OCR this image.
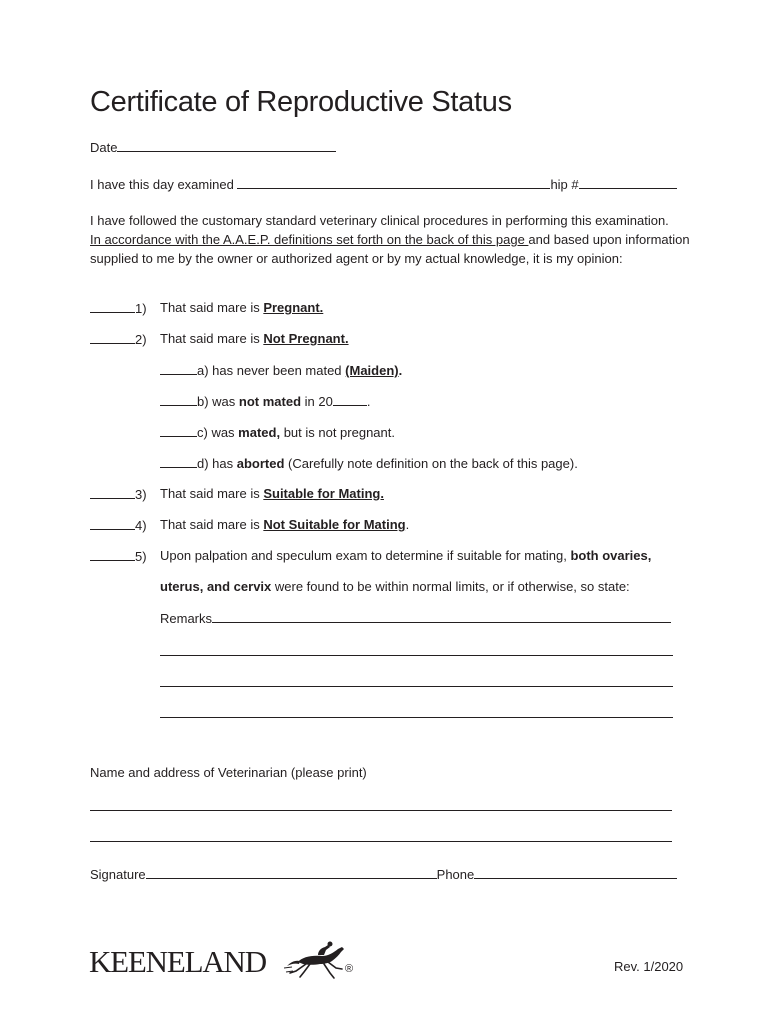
Certificate of Reproductive Status
Date
I have this day examined	hip #
I have followed the customary standard veterinary clinical procedures in performing this examination.
In accordance with the A.A.E.P. definitions set forth on the back of this page and based upon information
supplied to me by the owner or authorized agent or by my actual knowledge, it is my opinion:
1) That said mare is Pregnant.
2) That said mare is Not Pregnant.
a) has never been mated (Maiden).
b) was not mated in 20	.
c) was mated, but is not pregnant.
d) has aborted (Carefully note definition on the back of this page).
3) That said mare is Suitable for Mating.
4) That said mare is Not Suitable for Mating.
5) Upon palpation and speculum exam to determine if suitable for mating, both ovaries,
uterus, and cervix were found to be within normal limits, or if otherwise, so state:
Remarks
Name and address of Veterinarian (please print)
Signature	Phone
KEENELAND	®	Rev. 1/2020
